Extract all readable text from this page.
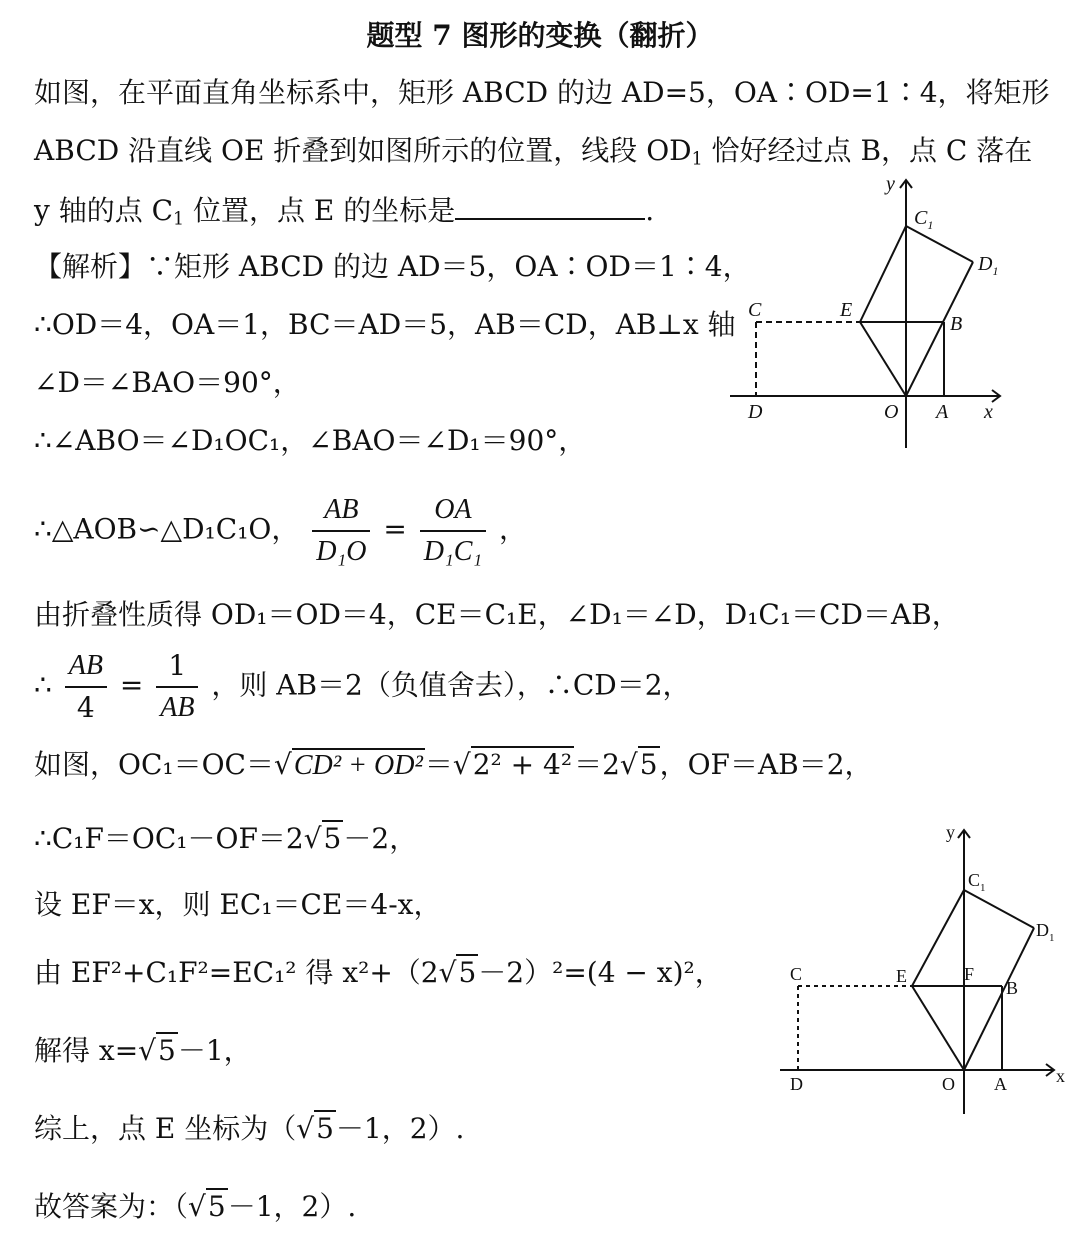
题型 7 图形的变换（翻折）
如图，在平面直角坐标系中，矩形 ABCD 的边 AD=5，OA∶OD=1∶4，将矩形
ABCD 沿直线 OE 折叠到如图所示的位置，线段 $OD_1$ 恰好经过点 B，点 C 落在
y 轴的点 $C_1$ 位置，点 E 的坐标是	.
【解析】∵矩形 ABCD 的边 AD＝5，OA∶OD＝1∶4，
∴OD＝4，OA＝1，BC＝AD＝5，AB＝CD，AB⊥x 轴
∠D＝∠BAO＝90°，
∴∠ABO＝∠D₁OC₁，∠BAO＝∠D₁＝90°，
∴△AOB∽△D₁C₁O， $\frac{AB}{\text{D₁O}} = \frac{OA}{\text{D₁C₁}}$ ，
由折叠性质得 OD₁＝OD＝4，CE＝C₁E，∠D₁＝∠D，D₁C₁＝CD＝AB，
∴ $\frac{AB}{4} = \frac{1}{AB}$ ，则 AB＝2（负值舍去），∴CD＝2，
如图，OC₁＝OC＝√CD² + OD²＝√2² + 4²＝2√5，OF＝AB＝2，
∴C₁F＝OC₁－OF＝2√5－2，
设 EF＝x，则 EC₁＝CE＝4-x，
由 EF²+C₁F²=EC₁² 得 x²+（2√5－2）²=(4 − x)²，
解得 x=√5－1，
综上，点 E 坐标为（√5－1，2）.
故答案为：（√5－1，2）.
y
x
$C_1$
$D_1$
C	E
B
D	O A
y
x
$C_1$
$D_1$
C	E	F
B
D	O A
